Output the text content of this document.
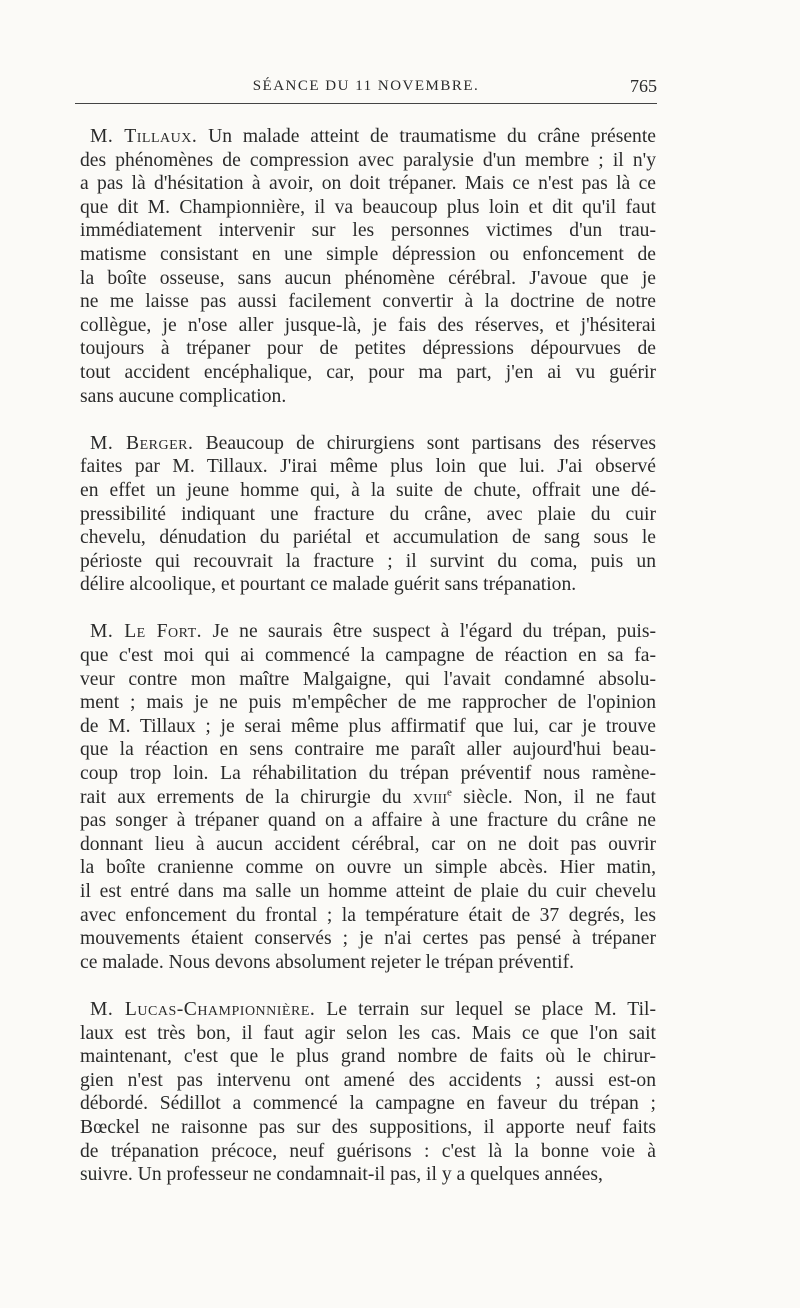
SÉANCE DU 11 NOVEMBRE.	765
M. Tillaux. Un malade atteint de traumatisme du crâne présente
des phénomènes de compression avec paralysie d'un membre ; il n'y
a pas là d'hésitation à avoir, on doit trépaner. Mais ce n'est pas là ce
que dit M. Championnière, il va beaucoup plus loin et dit qu'il faut
immédiatement intervenir sur les personnes victimes d'un trau-
matisme consistant en une simple dépression ou enfoncement de
la boîte osseuse, sans aucun phénomène cérébral. J'avoue que je
ne me laisse pas aussi facilement convertir à la doctrine de notre
collègue, je n'ose aller jusque-là, je fais des réserves, et j'hésiterai
toujours à trépaner pour de petites dépressions dépourvues de
tout accident encéphalique, car, pour ma part, j'en ai vu guérir
sans aucune complication.
M. Berger. Beaucoup de chirurgiens sont partisans des réserves
faites par M. Tillaux. J'irai même plus loin que lui. J'ai observé
en effet un jeune homme qui, à la suite de chute, offrait une dé-
pressibilité indiquant une fracture du crâne, avec plaie du cuir
chevelu, dénudation du pariétal et accumulation de sang sous le
périoste qui recouvrait la fracture ; il survint du coma, puis un
délire alcoolique, et pourtant ce malade guérit sans trépanation.
M. Le Fort. Je ne saurais être suspect à l'égard du trépan, puis-
que c'est moi qui ai commencé la campagne de réaction en sa fa-
veur contre mon maître Malgaigne, qui l'avait condamné absolu-
ment ; mais je ne puis m'empêcher de me rapprocher de l'opinion
de M. Tillaux ; je serai même plus affirmatif que lui, car je trouve
que la réaction en sens contraire me paraît aller aujourd'hui beau-
coup trop loin. La réhabilitation du trépan préventif nous ramène-
rait aux errements de la chirurgie du xviii$^e$ siècle. Non, il ne faut
pas songer à trépaner quand on a affaire à une fracture du crâne ne
donnant lieu à aucun accident cérébral, car on ne doit pas ouvrir
la boîte cranienne comme on ouvre un simple abcès. Hier matin,
il est entré dans ma salle un homme atteint de plaie du cuir chevelu
avec enfoncement du frontal ; la température était de 37 degrés, les
mouvements étaient conservés ; je n'ai certes pas pensé à trépaner
ce malade. Nous devons absolument rejeter le trépan préventif.
M. Lucas-Championnière. Le terrain sur lequel se place M. Til-
laux est très bon, il faut agir selon les cas. Mais ce que l'on sait
maintenant, c'est que le plus grand nombre de faits où le chirur-
gien n'est pas intervenu ont amené des accidents ; aussi est-on
débordé. Sédillot a commencé la campagne en faveur du trépan ;
Bœckel ne raisonne pas sur des suppositions, il apporte neuf faits
de trépanation précoce, neuf guérisons : c'est là la bonne voie à
suivre. Un professeur ne condamnait-il pas, il y a quelques années,
